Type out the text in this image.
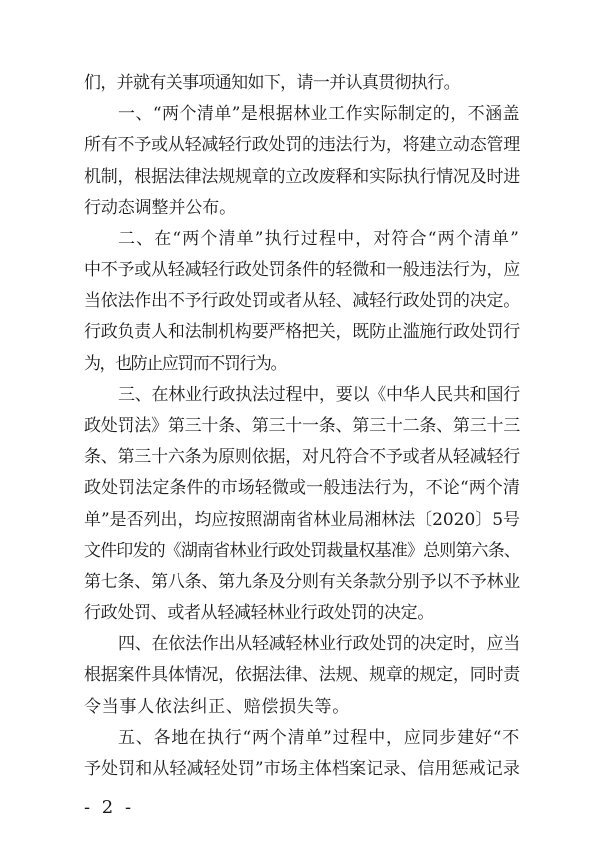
们，并就有关事项通知如下，请一并认真贯彻执行。
一、“两个清单”是根据林业工作实际制定的，不涵盖
所有不予或从轻减轻行政处罚的违法行为，将建立动态管理
机制，根据法律法规规章的立改废释和实际执行情况及时进
行动态调整并公布。
二、在“两个清单”执行过程中，对符合“两个清单”
中不予或从轻减轻行政处罚条件的轻微和一般违法行为，应
当依法作出不予行政处罚或者从轻、减轻行政处罚的决定。
行政负责人和法制机构要严格把关，既防止滥施行政处罚行
为，也防止应罚而不罚行为。
三、在林业行政执法过程中，要以《中华人民共和国行
政处罚法》第三十条、第三十一条、第三十二条、第三十三
条、第三十六条为原则依据，对凡符合不予或者从轻减轻行
政处罚法定条件的市场轻微或一般违法行为，不论“两个清
单”是否列出，均应按照湖南省林业局湘林法〔2020〕5号
文件印发的《湖南省林业行政处罚裁量权基准》总则第六条、
第七条、第八条、第九条及分则有关条款分别予以不予林业
行政处罚、或者从轻减轻林业行政处罚的决定。
四、在依法作出从轻减轻林业行政处罚的决定时，应当
根据案件具体情况，依据法律、法规、规章的规定，同时责
令当事人依法纠正、赔偿损失等。
五、各地在执行“两个清单”过程中，应同步建好“不
予处罚和从轻减轻处罚”市场主体档案记录、信用惩戒记录
- 2 -
